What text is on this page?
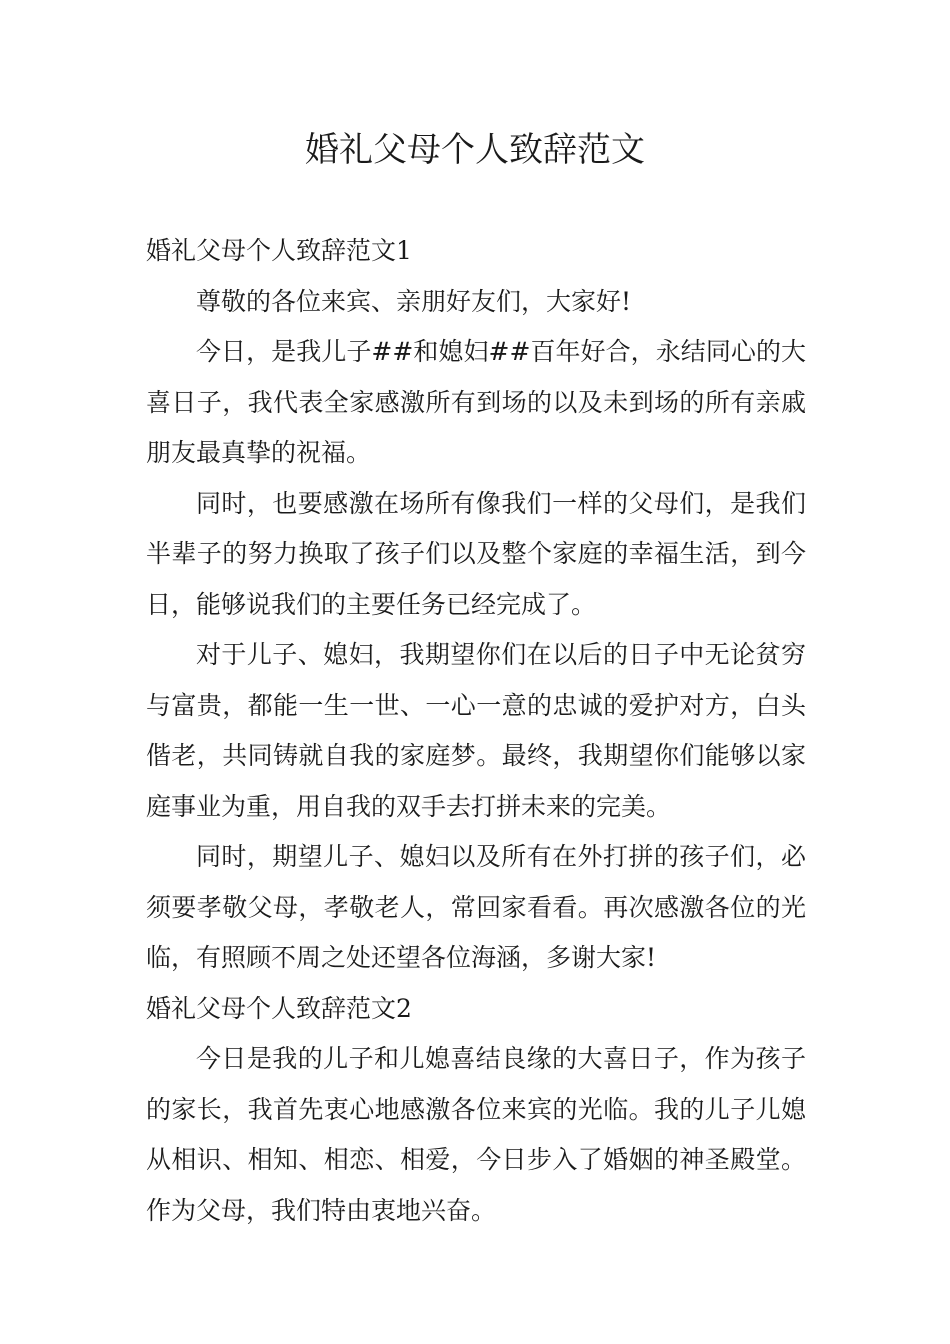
婚礼父母个人致辞范文
婚礼父母个人致辞范文1

尊敬的各位来宾、亲朋好友们，大家好!

今日，是我儿子##和媳妇##百年好合，永结同心的大喜日子，我代表全家感激所有到场的以及未到场的所有亲戚朋友最真挚的祝福。

同时，也要感激在场所有像我们一样的父母们，是我们半辈子的努力换取了孩子们以及整个家庭的幸福生活，到今日，能够说我们的主要任务已经完成了。

对于儿子、媳妇，我期望你们在以后的日子中无论贫穷与富贵，都能一生一世、一心一意的忠诚的爱护对方，白头偕老，共同铸就自我的家庭梦。最终，我期望你们能够以家庭事业为重，用自我的双手去打拼未来的完美。

同时，期望儿子、媳妇以及所有在外打拼的孩子们，必须要孝敬父母，孝敬老人，常回家看看。再次感激各位的光临，有照顾不周之处还望各位海涵，多谢大家!

婚礼父母个人致辞范文2

今日是我的儿子和儿媳喜结良缘的大喜日子，作为孩子的家长，我首先衷心地感激各位来宾的光临。我的儿子儿媳从相识、相知、相恋、相爱，今日步入了婚姻的神圣殿堂。作为父母，我们特由衷地兴奋。
